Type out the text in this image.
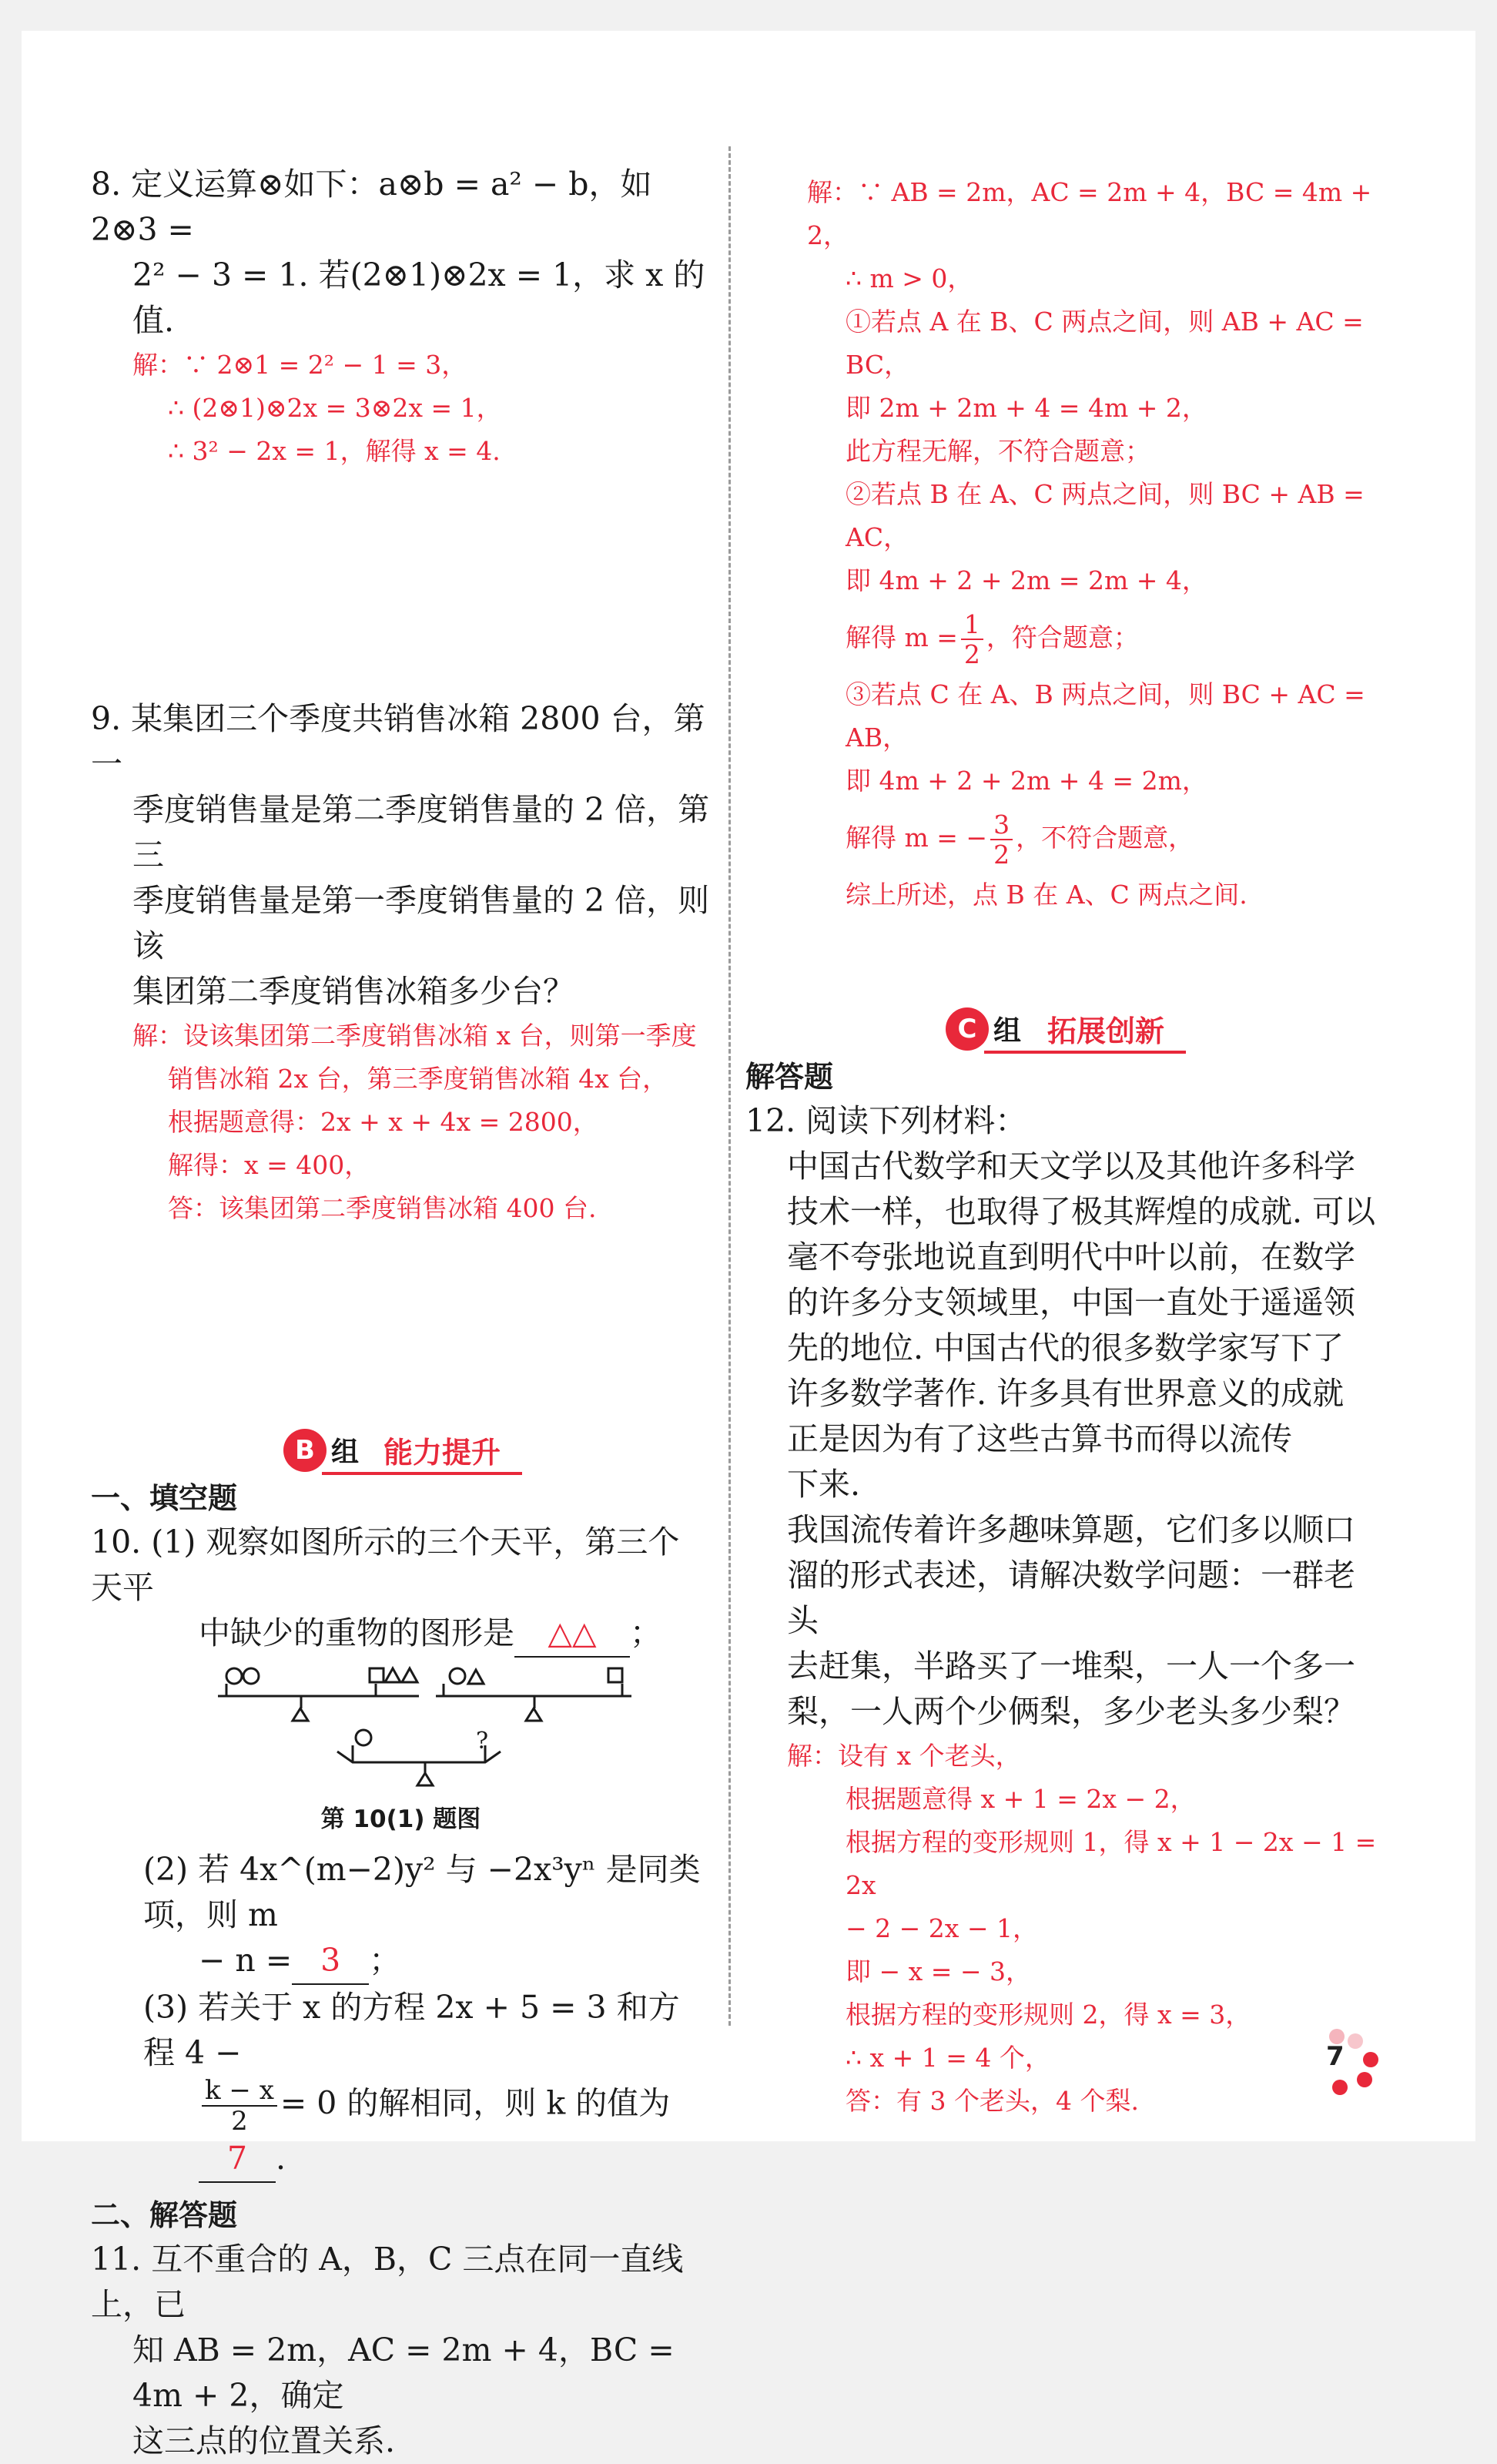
8. 定义运算⊗如下：a⊗b = a² − b，如 2⊗3 =

2² − 3 = 1. 若(2⊗1)⊗2x = 1，求 x 的值.

解：∵ 2⊗1 = 2² − 1 = 3，

∴ (2⊗1)⊗2x = 3⊗2x = 1，

∴ 3² − 2x = 1，解得 x = 4.

9. 某集团三个季度共销售冰箱 2800 台，第一

季度销售量是第二季度销售量的 2 倍，第三

季度销售量是第一季度销售量的 2 倍，则该

集团第二季度销售冰箱多少台？

解：设该集团第二季度销售冰箱 x 台，则第一季度

销售冰箱 2x 台，第三季度销售冰箱 4x 台，

根据题意得：2x + x + 4x = 2800，

解得：x = 400，

答：该集团第二季度销售冰箱 400 台.

B 组 能力提升

一、填空题

10. (1) 观察如图所示的三个天平，第三个天平

中缺少的重物的图形是 △△ ；

?

第 10(1) 题图

(2) 若 4x^(m−2)y² 与 −2x³yⁿ 是同类项，则 m

− n = 3 ；

(3) 若关于 x 的方程 2x + 5 = 3 和方程 4 −

$\frac{k - x}{2} = 0$ 的解相同，则 k 的值为7 .

二、解答题

11. 互不重合的 A，B，C 三点在同一直线上，已

知 AB = 2m，AC = 2m + 4，BC = 4m + 2，确定

这三点的位置关系.

解：∵ AB = 2m，AC = 2m + 4，BC = 4m + 2，

∴ m > 0，

①若点 A 在 B、C 两点之间，则 AB + AC = BC，

即 2m + 2m + 4 = 4m + 2，

此方程无解，不符合题意；

②若点 B 在 A、C 两点之间，则 BC + AB = AC，

即 4m + 2 + 2m = 2m + 4，

解得 $m = \frac{1}{2}$ ，符合题意；

③若点 C 在 A、B 两点之间，则 BC + AC = AB，

即 4m + 2 + 2m + 4 = 2m，

解得 m = − $\frac{3}{2}$ ，不符合题意，

综上所述，点 B 在 A、C 两点之间.

C 组 拓展创新

解答题

12. 阅读下列材料：

中国古代数学和天文学以及其他许多科学

技术一样，也取得了极其辉煌的成就. 可以

毫不夸张地说直到明代中叶以前，在数学

的许多分支领域里，中国一直处于遥遥领

先的地位. 中国古代的很多数学家写下了

许多数学著作. 许多具有世界意义的成就

正是因为有了这些古算书而得以流传

下来.

我国流传着许多趣味算题，它们多以顺口

溜的形式表述，请解决数学问题：一群老头

去赶集，半路买了一堆梨，一人一个多一

梨，一人两个少俩梨，多少老头多少梨？

解：设有 x 个老头，

根据题意得 x + 1 = 2x − 2，

根据方程的变形规则 1，得 x + 1 − 2x − 1 = 2x

− 2 − 2x − 1，

即 − x = − 3，

根据方程的变形规则 2，得 x = 3，

∴ x + 1 = 4 个，

答：有 3 个老头，4 个梨.

7
